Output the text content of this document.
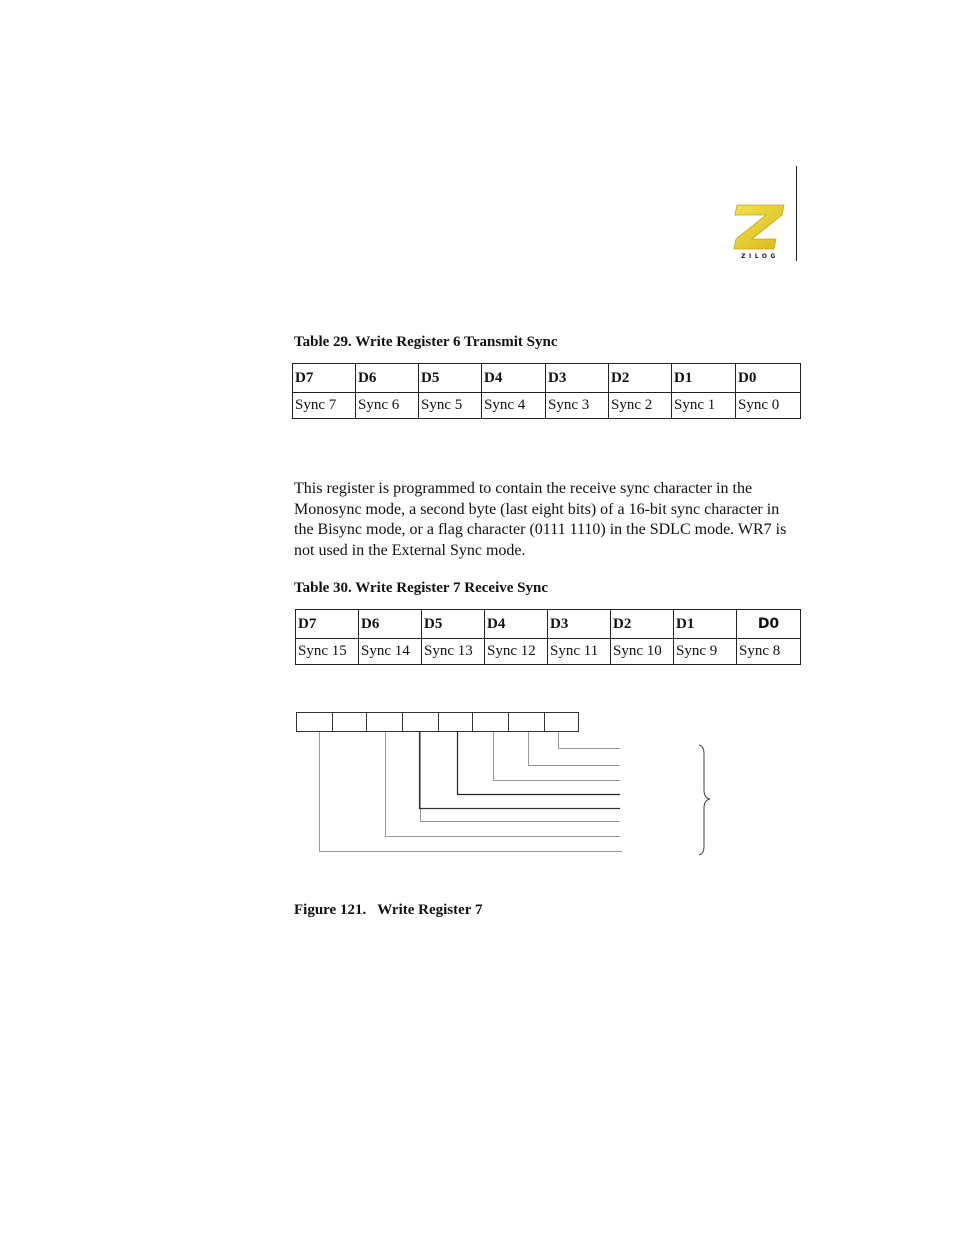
ZILOG
Table 29. Write Register 6 Transmit Sync
D7	D6	D5	D4	D3	D2	D1	D0
Sync 7	Sync 6	Sync 5	Sync 4	Sync 3	Sync 2	Sync 1	Sync 0
This register is programmed to contain the receive sync character in the Monosync mode, a second byte (last eight bits) of a 16-bit sync character in the Bisync mode, or a flag character (0111 1110) in the SDLC mode. WR7 is not used in the External Sync mode.
Table 30. Write Register 7 Receive Sync
D7	D6	D5	D4	D3	D2	D1	D0
Sync 15	Sync 14	Sync 13	Sync 12	Sync 11	Sync 10	Sync 9	Sync 8
Figure 121.   Write Register 7
